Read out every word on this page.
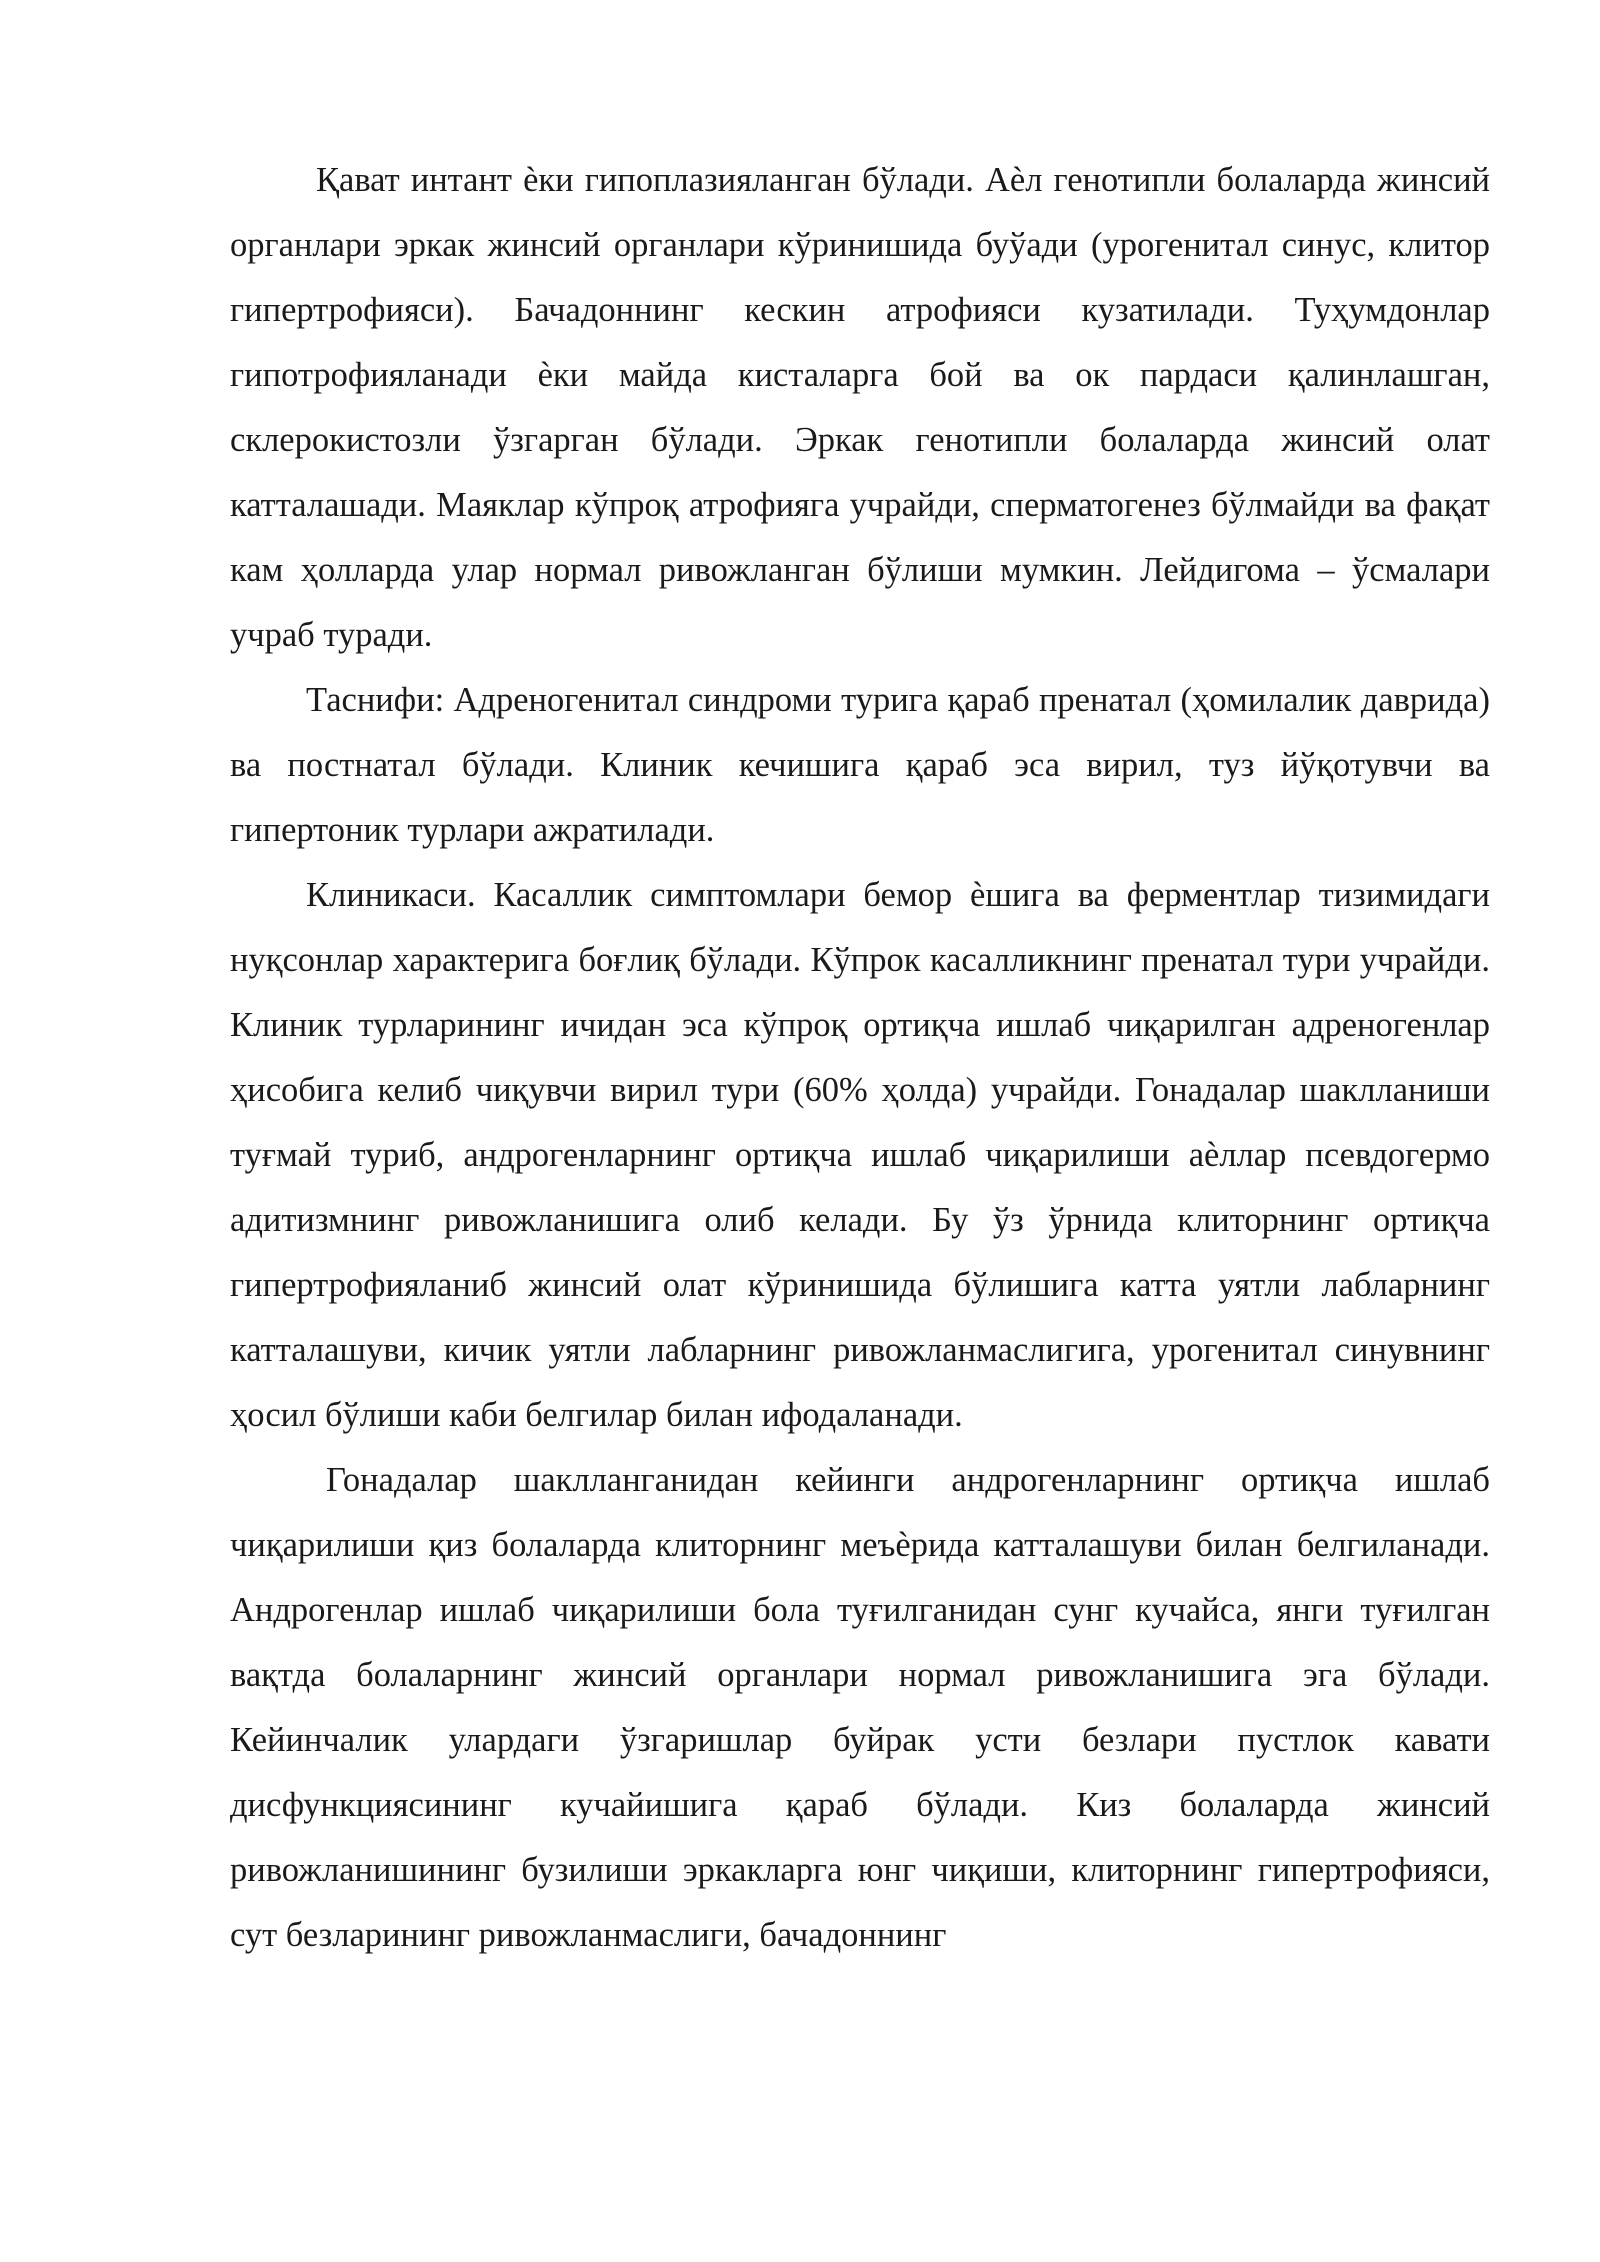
Қават интант ѐки гипоплазияланган бўлади. Аѐл генотипли болаларда жинсий органлари эркак жинсий органлари кўринишида буўади (урогенитал синус, клитор гипертрофияси). Бачадоннинг кескин атрофияси кузатилади. Туҳумдонлар гипотрофияланади ѐки майда кисталарга бой ва ок пардаси қалинлашган, склерокистозли ўзгарган бўлади. Эркак генотипли болаларда жинсий олат катталашади. Маяклар кўпроқ атрофияга учрайди, сперматогенез бўлмайди ва фақат кам ҳолларда улар нормал ривожланган бўлиши мумкин. Лейдигома – ўсмалари учраб туради.

Таснифи: Адреногенитал синдроми турига қараб пренатал (ҳомилалик даврида) ва постнатал бўлади. Клиник кечишига қараб эса вирил, туз йўқотувчи ва гипертоник турлари ажратилади.

Клиникаси. Касаллик симптомлари бемор ѐшига ва ферментлар тизимидаги нуқсонлар характерига боғлиқ бўлади. Кўпрок касалликнинг пренатал тури учрайди. Клиник турларининг ичидан эса кўпроқ ортиқча ишлаб чиқарилган адреногенлар ҳисобига келиб чиқувчи вирил тури (60% ҳолда) учрайди. Гонадалар шаклланиши туғмай туриб, андрогенларнинг ортиқча ишлаб чиқарилиши аѐллар псевдогермо адитизмнинг ривожланишига олиб келади. Бу ўз ўрнида клиторнинг ортиқча гипертрофияланиб жинсий олат кўринишида бўлишига катта уятли лабларнинг катталашуви, кичик уятли лабларнинг ривожланмаслигига, урогенитал синувнинг ҳосил бўлиши каби белгилар билан ифодаланади.

Гонадалар шаклланганидан кейинги андрогенларнинг ортиқча ишлаб чиқарилиши қиз болаларда клиторнинг меъѐрида катталашуви билан белгиланади. Андрогенлар ишлаб чиқарилиши бола туғилганидан сунг кучайса, янги туғилган вақтда болаларнинг жинсий органлари нормал ривожланишига эга бўлади. Кейинчалик улардаги ўзгаришлар буйрак усти безлари пустлок кавати дисфункциясининг кучайишига қараб бўлади. Киз болаларда жинсий ривожланишининг бузилиши эркакларга юнг чиқиши, клиторнинг гипертрофияси, сут безларининг ривожланмаслиги, бачадоннинг
